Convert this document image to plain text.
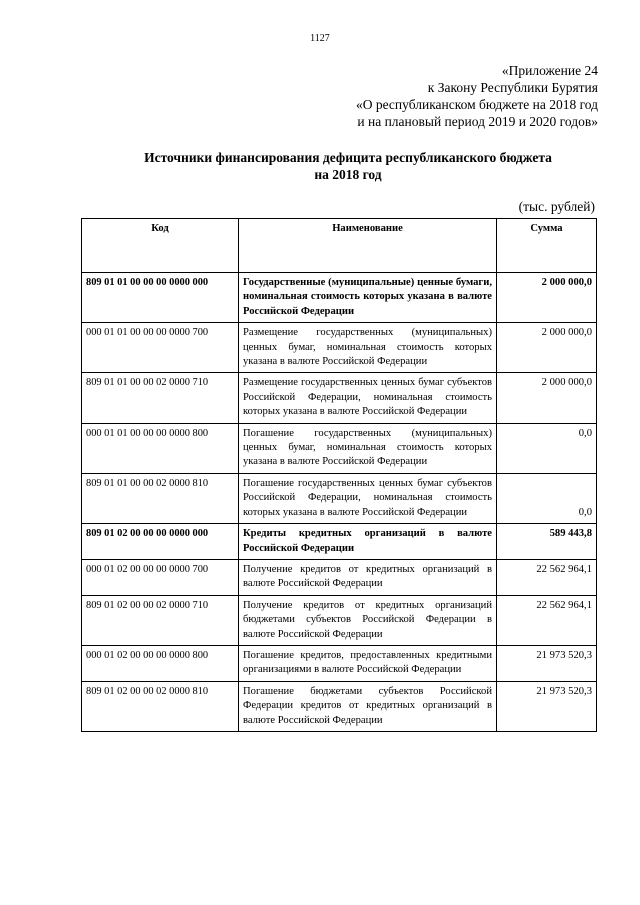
1127
«Приложение 24
к Закону Республики Бурятия
«О республиканском бюджете на 2018 год
и на плановый период 2019 и 2020 годов»
Источники финансирования дефицита республиканского бюджета
на 2018 год
(тыс. рублей)
Код	Наименование	Сумма
809 01 01 00 00 00 0000 000	Государственные (муниципальные) ценные бумаги, номинальная стоимость которых указана в валюте Российской Федерации	2 000 000,0
000 01 01 00 00 00 0000 700	Размещение государственных (муниципальных) ценных бумаг, номинальная стоимость которых указана в валюте Российской Федерации	2 000 000,0
809 01 01 00 00 02 0000 710	Размещение государственных ценных бумаг субъектов Российской Федерации, номинальная стоимость которых указана в валюте Российской Федерации	2 000 000,0
000 01 01 00 00 00 0000 800	Погашение государственных (муниципальных) ценных бумаг, номинальная стоимость которых указана в валюте Российской Федерации	0,0
809 01 01 00 00 02 0000 810	Погашение государственных ценных бумаг субъектов Российской Федерации, номинальная стоимость которых указана в валюте Российской Федерации	0,0
809 01 02 00 00 00 0000 000	Кредиты кредитных организаций в валюте Российской Федерации	589 443,8
000 01 02 00 00 00 0000 700	Получение кредитов от кредитных организаций в валюте Российской Федерации	22 562 964,1
809 01 02 00 00 02 0000 710	Получение кредитов от кредитных организаций бюджетами субъектов Российской Федерации в валюте Российской Федерации	22 562 964,1
000 01 02 00 00 00 0000 800	Погашение кредитов, предоставленных кредитными организациями в валюте Российской Федерации	21 973 520,3
809 01 02 00 00 02 0000 810	Погашение бюджетами субъектов Российской Федерации кредитов от кредитных организаций в валюте Российской Федерации	21 973 520,3
